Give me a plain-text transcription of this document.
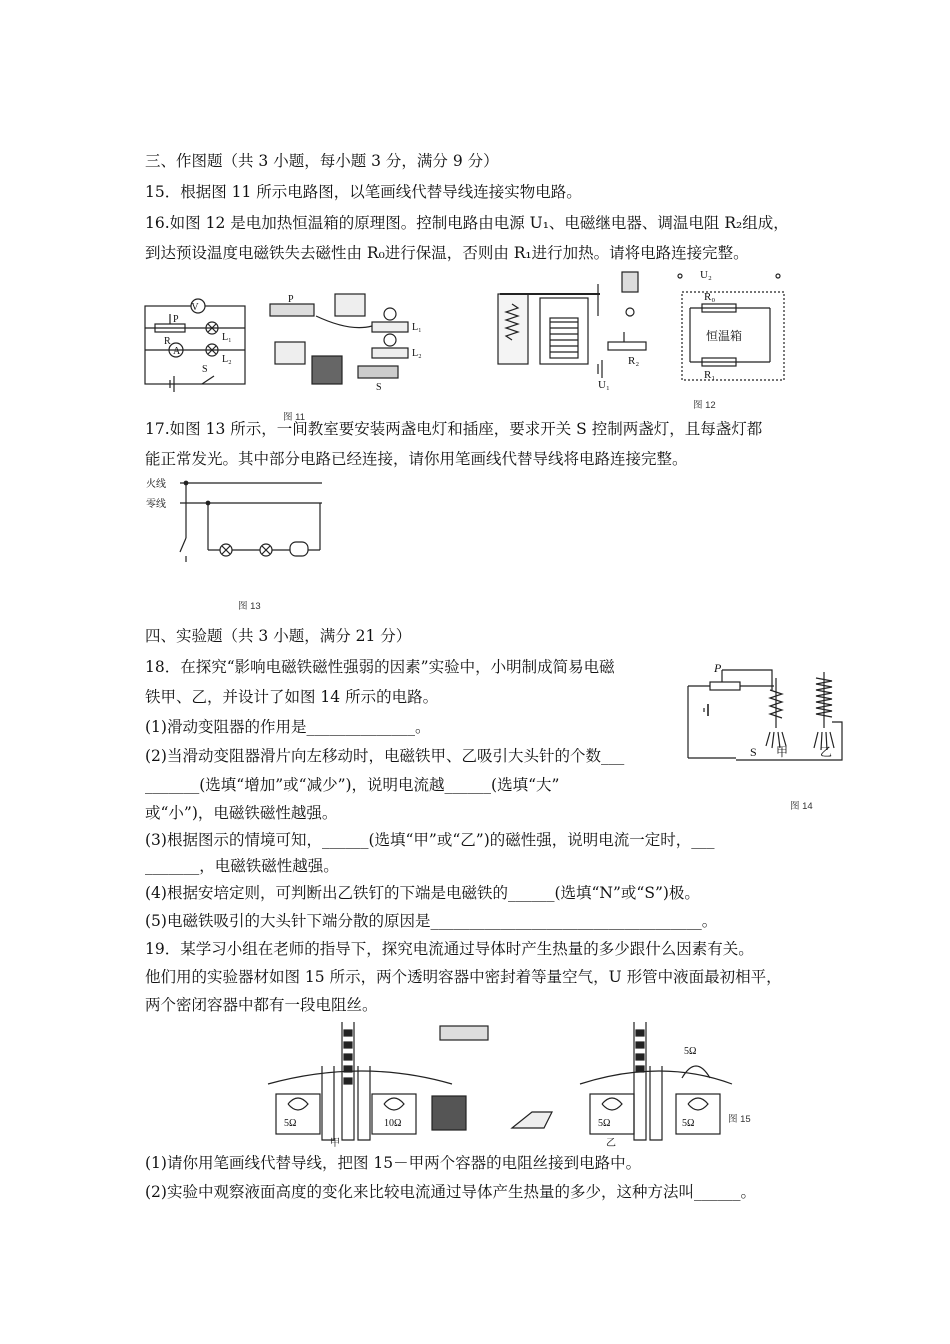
三、作图题（共 3 小题，每小题 3 分，满分 9 分）
15．根据图 11 所示电路图，以笔画线代替导线连接实物电路。
16.如图 12 是电加热恒温箱的原理图。控制电路由电源 U₁、电磁继电器、调温电阻 R₂组成，
到达预设温度电磁铁失去磁性由 R₀进行保温，否则由 R₁进行加热。请将电路连接完整。
V
P
R
A
L₁
L₂
S
P
L₁
L₂
S
图 11
U₂
R₀
R₁
R₂
U₁
恒温箱
图 12
17.如图 13 所示，一间教室要安装两盏电灯和插座，要求开关 S 控制两盏灯，且每盏灯都
能正常发光。其中部分电路已经连接，请你用笔画线代替导线将电路连接完整。
火线
零线
图 13
四、实验题（共 3 小题，满分 21 分）
18．在探究“影响电磁铁磁性强弱的因素”实验中，小明制成简易电磁
铁甲、乙，并设计了如图 14 所示的电路。
(1)滑动变阻器的作用是______________。
(2)当滑动变阻器滑片向左移动时，电磁铁甲、乙吸引大头针的个数___
_______(选填“增加”或“减少”)，说明电流越______(选填“大”
或“小”)，电磁铁磁性越强。
P
S 甲	乙
图 14
(3)根据图示的情境可知，______(选填“甲”或“乙”)的磁性强，说明电流一定时，___
_______，电磁铁磁性越强。
(4)根据安培定则，可判断出乙铁钉的下端是电磁铁的______(选填“N”或“S”)极。
(5)电磁铁吸引的大头针下端分散的原因是___________________________________。
19．某学习小组在老师的指导下，探究电流通过导体时产生热量的多少跟什么因素有关。
他们用的实验器材如图 15 所示，两个透明容器中密封着等量空气，U 形管中液面最初相平，
两个密闭容器中都有一段电阻丝。
5Ω	10Ω	5Ω	5Ω
5Ω
甲	乙
图 15
(1)请你用笔画线代替导线，把图 15－甲两个容器的电阻丝接到电路中。
(2)实验中观察液面高度的变化来比较电流通过导体产生热量的多少，这种方法叫______。
